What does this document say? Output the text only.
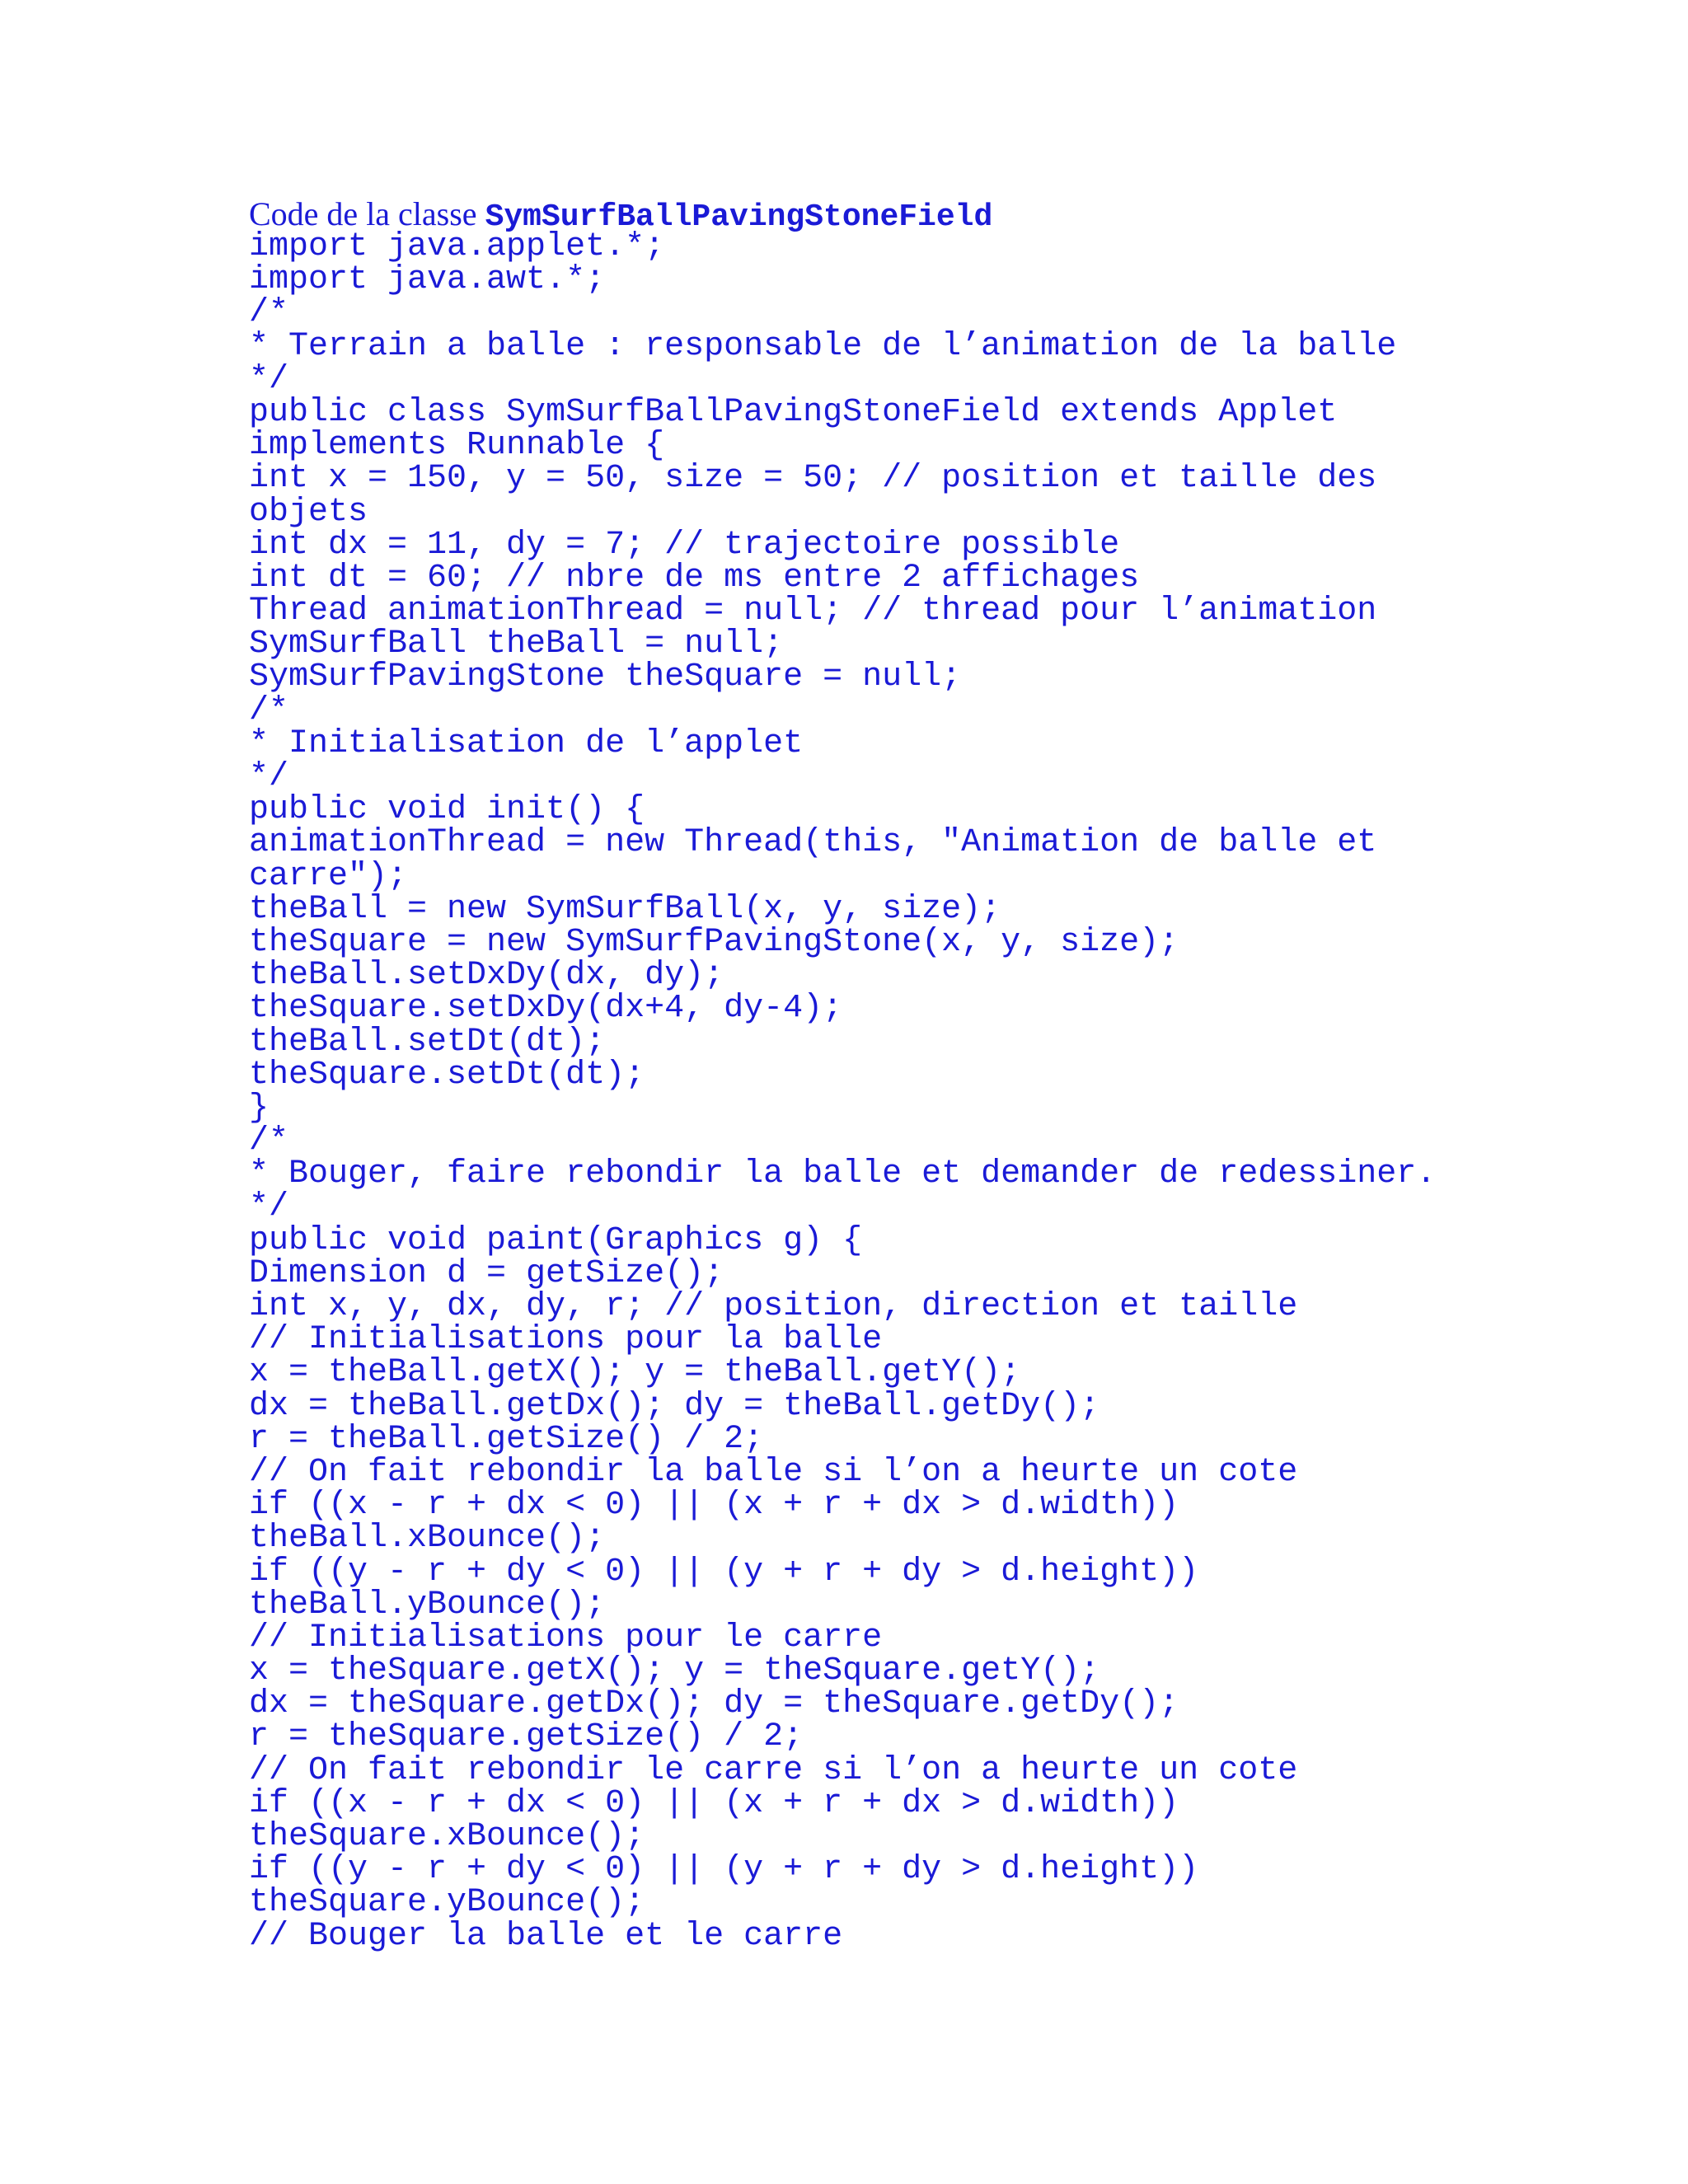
Code de la classe SymSurfBallPavingStoneField
import java.applet.*;
import java.awt.*;
/*
* Terrain a balle : responsable de l’animation de la balle
*/
public class SymSurfBallPavingStoneField extends Applet
implements Runnable {
int x = 150, y = 50, size = 50; // position et taille des
objets
int dx = 11, dy = 7; // trajectoire possible
int dt = 60; // nbre de ms entre 2 affichages
Thread animationThread = null; // thread pour l’animation
SymSurfBall theBall = null;
SymSurfPavingStone theSquare = null;
/*
* Initialisation de l’applet
*/
public void init() {
animationThread = new Thread(this, "Animation de balle et
carre");
theBall = new SymSurfBall(x, y, size);
theSquare = new SymSurfPavingStone(x, y, size);
theBall.setDxDy(dx, dy);
theSquare.setDxDy(dx+4, dy-4);
theBall.setDt(dt);
theSquare.setDt(dt);
}
/*
* Bouger, faire rebondir la balle et demander de redessiner.
*/
public void paint(Graphics g) {
Dimension d = getSize();
int x, y, dx, dy, r; // position, direction et taille
// Initialisations pour la balle
x = theBall.getX(); y = theBall.getY();
dx = theBall.getDx(); dy = theBall.getDy();
r = theBall.getSize() / 2;
// On fait rebondir la balle si l’on a heurte un cote
if ((x - r + dx < 0) || (x + r + dx > d.width))
theBall.xBounce();
if ((y - r + dy < 0) || (y + r + dy > d.height))
theBall.yBounce();
// Initialisations pour le carre
x = theSquare.getX(); y = theSquare.getY();
dx = theSquare.getDx(); dy = theSquare.getDy();
r = theSquare.getSize() / 2;
// On fait rebondir le carre si l’on a heurte un cote
if ((x - r + dx < 0) || (x + r + dx > d.width))
theSquare.xBounce();
if ((y - r + dy < 0) || (y + r + dy > d.height))
theSquare.yBounce();
// Bouger la balle et le carre
